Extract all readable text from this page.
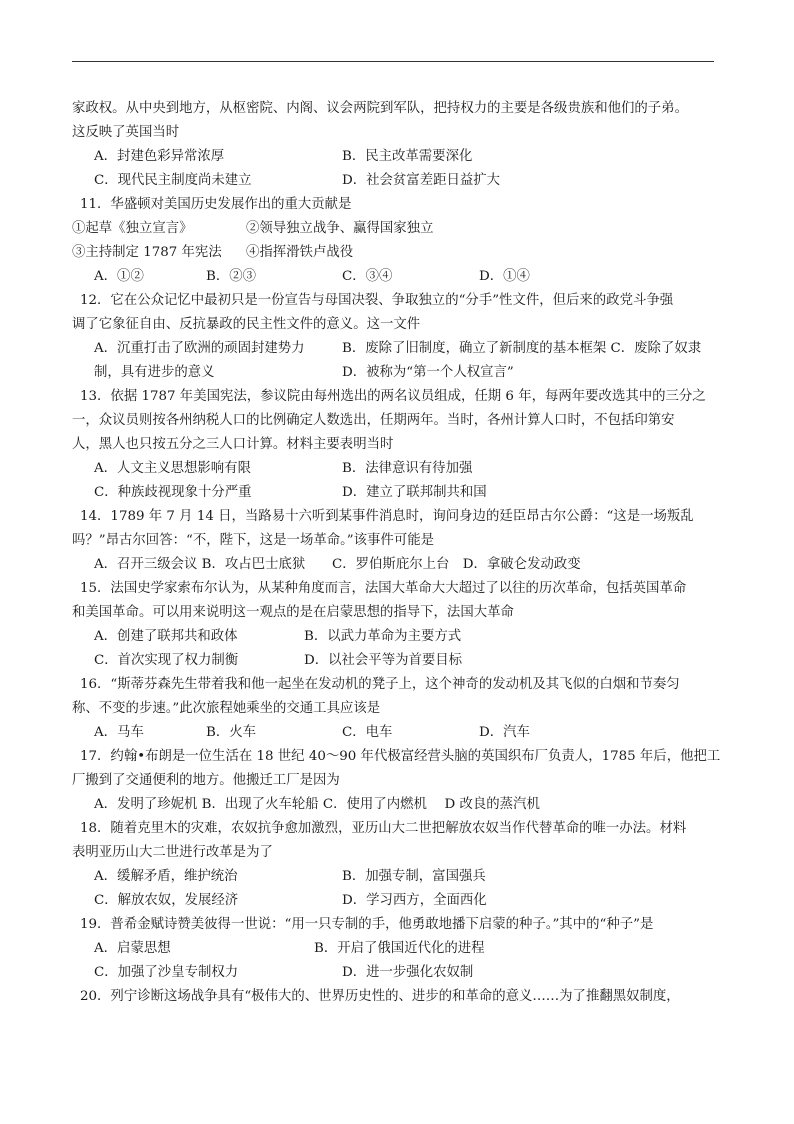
家政权。从中央到地方，从枢密院、内阁、议会两院到军队，把持权力的主要是各级贵族和他们的子弟。
这反映了英国当时
A．封建色彩异常浓厚	B．民主改革需要深化
C．现代民主制度尚未建立	D．社会贫富差距日益扩大
11．华盛顿对美国历史发展作出的重大贡献是
①起草《独立宣言》	②领导独立战争、赢得国家独立
③主持制定 1787 年宪法 ④指挥滑铁卢战役
A．①②	B．②③	C．③④	D．①④
12．它在公众记忆中最初只是一份宣告与母国决裂、争取独立的“分手”性文件，但后来的政党斗争强
调了它象征自由、反抗暴政的民主性文件的意义。这一文件
A．沉重打击了欧洲的顽固封建势力	B．废除了旧制度，确立了新制度的基本框架 C．废除了奴隶
制，具有进步的意义	D．被称为“第一个人权宣言”
13．依据 1787 年美国宪法，参议院由每州选出的两名议员组成，任期 6 年，每两年要改选其中的三分之
一，众议员则按各州纳税人口的比例确定人数选出，任期两年。当时，各州计算人口时，不包括印第安
人，黑人也只按五分之三人口计算。材料主要表明当时
A．人文主义思想影响有限	B．法律意识有待加强
C．种族歧视现象十分严重	D．建立了联邦制共和国
14．1789 年 7 月 14 日，当路易十六听到某事件消息时，询问身边的廷臣昂古尔公爵：“这是一场叛乱
吗？”昂古尔回答：“不，陛下，这是一场革命。”该事件可能是
A．召开三级会议 B．攻占巴士底狱　　C．罗伯斯庇尔上台　D．拿破仑发动政变
15．法国史学家索布尔认为，从某种角度而言，法国大革命大大超过了以往的历次革命，包括英国革命
和美国革命。可以用来说明这一观点的是在启蒙思想的指导下，法国大革命
A．创建了联邦共和政体	B．以武力革命为主要方式
C．首次实现了权力制衡	D．以社会平等为首要目标
16．“斯蒂芬森先生带着我和他一起坐在发动机的凳子上，这个神奇的发动机及其飞似的白烟和节奏匀
称、不变的步速。”此次旅程她乘坐的交通工具应该是
A．马车	B．火车	C．电车	D．汽车
17．约翰•布朗是一位生活在 18 世纪 40～90 年代极富经营头脑的英国织布厂负责人，1785 年后，他把工
厂搬到了交通便利的地方。他搬迁工厂是因为
A．发明了珍妮机 B．出现了火车轮船 C．使用了内燃机　 D 改良的蒸汽机
18．随着克里木的灾难，农奴抗争愈加激烈，亚历山大二世把解放农奴当作代替革命的唯一办法。材料
表明亚历山大二世进行改革是为了
A．缓解矛盾，维护统治	B．加强专制，富国强兵
C．解放农奴，发展经济	D．学习西方，全面西化
19．普希金赋诗赞美彼得一世说：“用一只专制的手，他勇敢地播下启蒙的种子。”其中的“种子”是
A．启蒙思想	B．开启了俄国近代化的进程
C．加强了沙皇专制权力	D．进一步强化农奴制
20．列宁诊断这场战争具有“极伟大的、世界历史性的、进步的和革命的意义……为了推翻黑奴制度，
